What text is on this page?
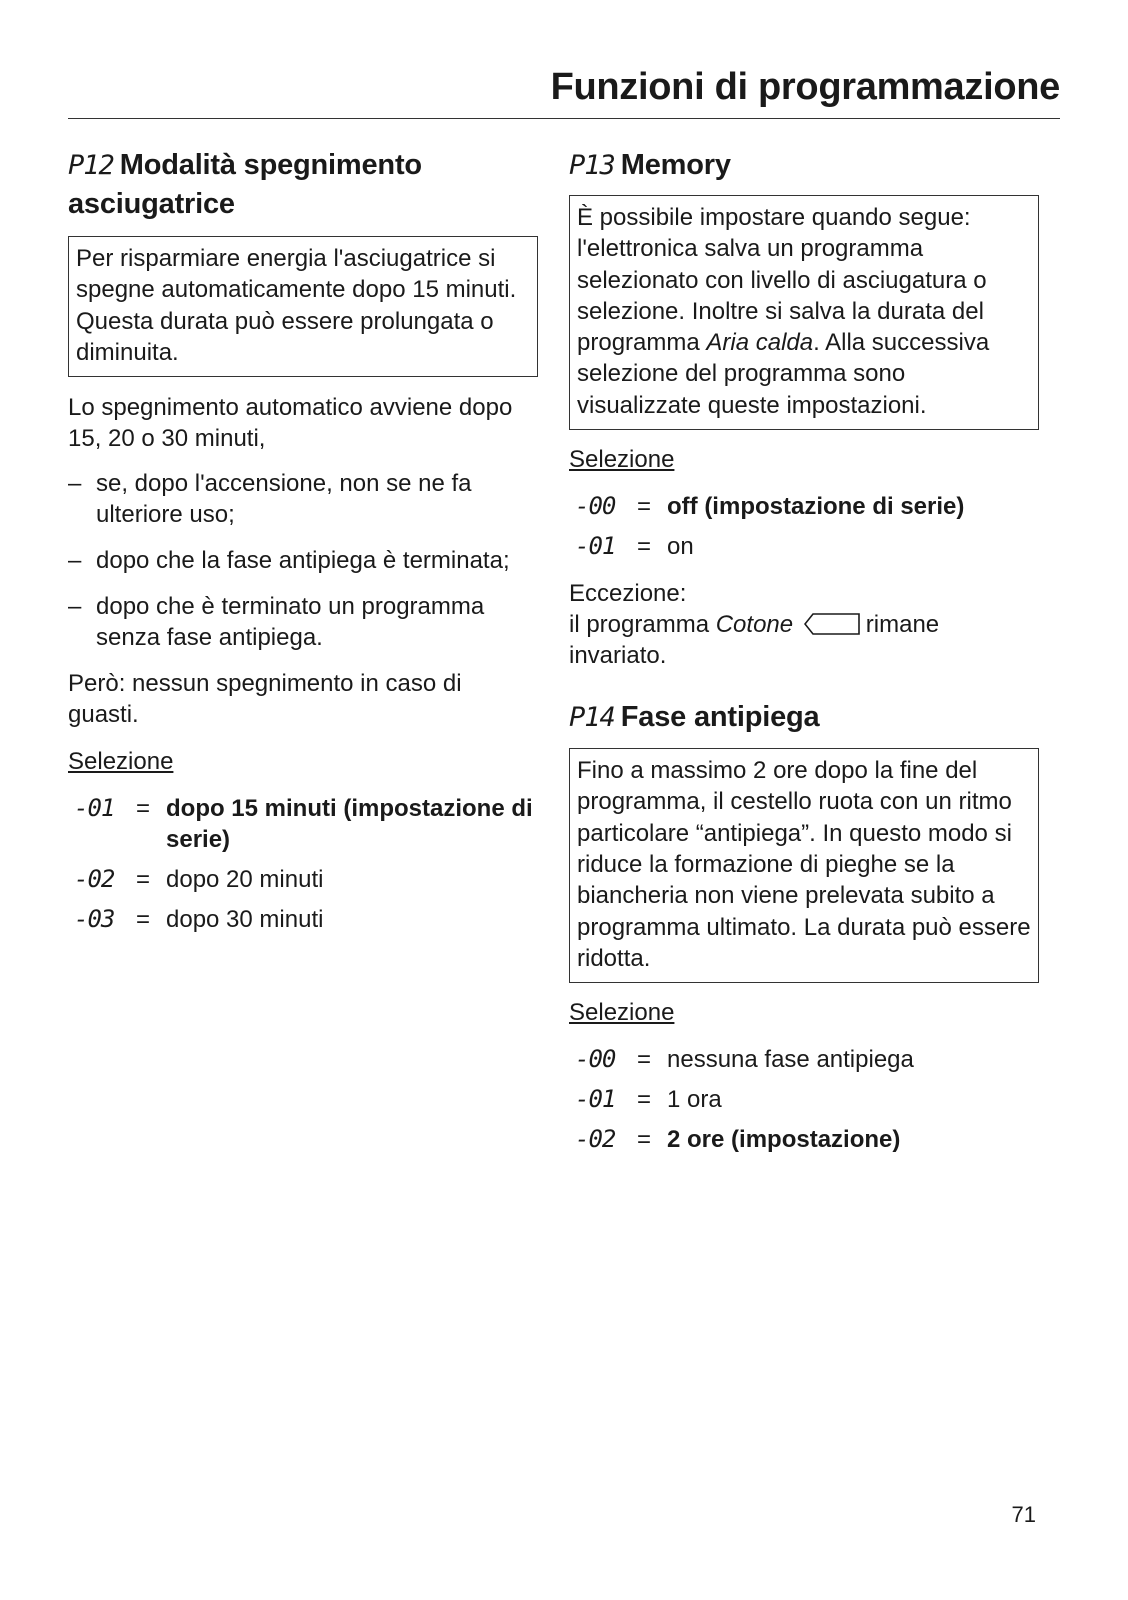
Funzioni di programmazione
P12 Modalità spegnimento asciugatrice
Per risparmiare energia l'asciugatrice si spegne automaticamente dopo 15 minuti. Questa durata può essere prolungata o diminuita.

Lo spegnimento automatico avviene dopo 15, 20 o 30 minuti,

– se, dopo l'accensione, non se ne fa ulteriore uso;
– dopo che la fase antipiega è terminata;
– dopo che è terminato un programma senza fase antipiega.

Però: nessun spegnimento in caso di guasti.

Selezione
-01 = dopo 15 minuti (impostazione di serie)
-02 = dopo 20 minuti
-03 = dopo 30 minuti
P13 Memory
È possibile impostare quando segue: l'elettronica salva un programma selezionato con livello di asciugatura o selezione. Inoltre si salva la durata del programma Aria calda. Alla successiva selezione del programma sono visualizzate queste impostazioni.
Selezione
-00 = off (impostazione di serie)
-01 = on

Eccezione:

il programma Cotone	rimane invariato.

P14 Fase antipiega
Fino a massimo 2 ore dopo la fine del programma, il cestello ruota con un ritmo particolare “antipiega”. In questo modo si riduce la formazione di pieghe se la biancheria non viene prelevata subito a programma ultimato. La durata può essere ridotta.
Selezione
-00 = nessuna fase antipiega
-01 = 1 ora
-02 = 2 ore (impostazione)
71
